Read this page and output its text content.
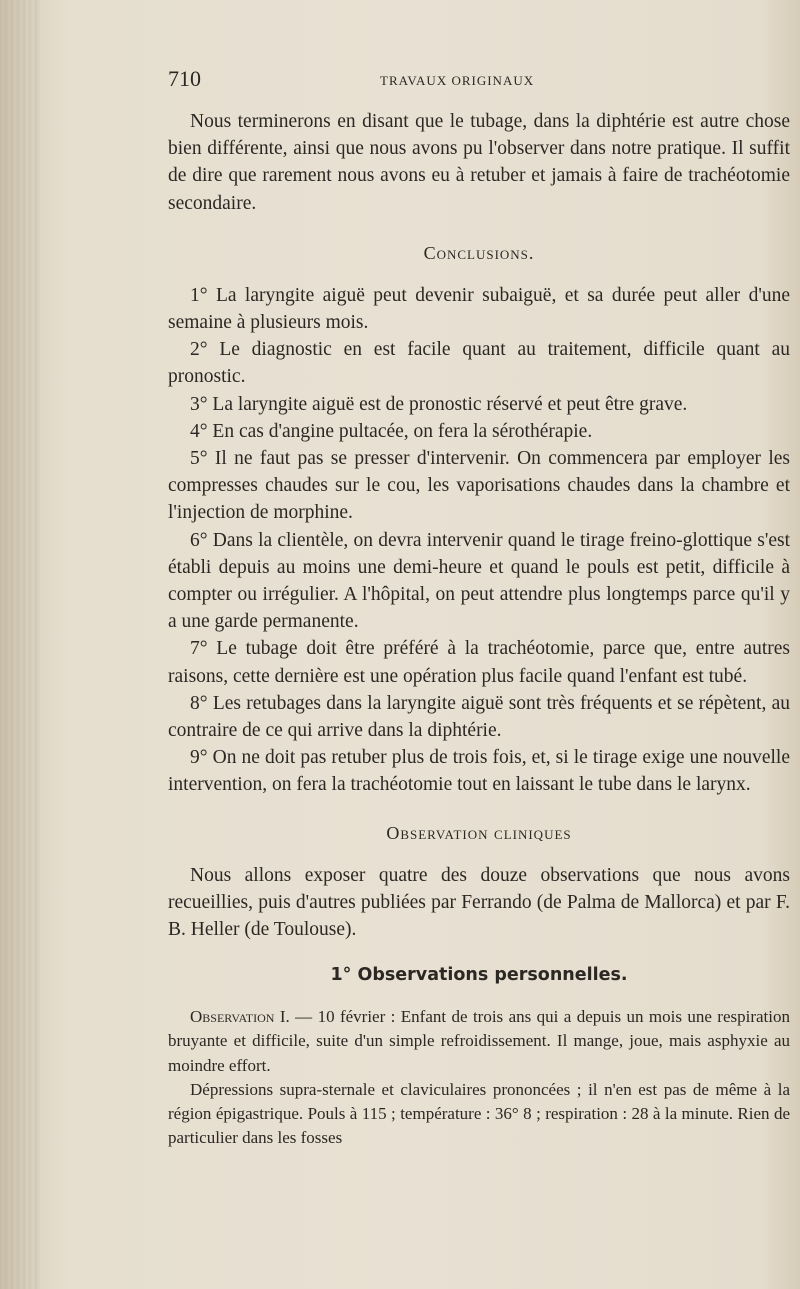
710	TRAVAUX ORIGINAUX

Nous terminerons en disant que le tubage, dans la diphtérie est autre chose bien différente, ainsi que nous avons pu l'observer dans notre pratique. Il suffit de dire que rarement nous avons eu à retuber et jamais à faire de trachéotomie secondaire.

Conclusions.

1° La laryngite aiguë peut devenir subaiguë, et sa durée peut aller d'une semaine à plusieurs mois.

2° Le diagnostic en est facile quant au traitement, difficile quant au pronostic.

3° La laryngite aiguë est de pronostic réservé et peut être grave.

4° En cas d'angine pultacée, on fera la sérothérapie.

5° Il ne faut pas se presser d'intervenir. On commencera par employer les compresses chaudes sur le cou, les vaporisations chaudes dans la chambre et l'injection de morphine.

6° Dans la clientèle, on devra intervenir quand le tirage freino-glottique s'est établi depuis au moins une demi-heure et quand le pouls est petit, difficile à compter ou irrégulier. A l'hôpital, on peut attendre plus longtemps parce qu'il y a une garde permanente.

7° Le tubage doit être préféré à la trachéotomie, parce que, entre autres raisons, cette dernière est une opération plus facile quand l'enfant est tubé.

8° Les retubages dans la laryngite aiguë sont très fréquents et se répètent, au contraire de ce qui arrive dans la diphtérie.

9° On ne doit pas retuber plus de trois fois, et, si le tirage exige une nouvelle intervention, on fera la trachéotomie tout en laissant le tube dans le larynx.

Observation cliniques

Nous allons exposer quatre des douze observations que nous avons recueillies, puis d'autres publiées par Ferrando (de Palma de Mallorca) et par F. B. Heller (de Toulouse).

1° Observations personnelles.

Observation I. — 10 février : Enfant de trois ans qui a depuis un mois une respiration bruyante et difficile, suite d'un simple refroidissement. Il mange, joue, mais asphyxie au moindre effort.

Dépressions supra-sternale et claviculaires prononcées ; il n'en est pas de même à la région épigastrique. Pouls à 115 ; température : 36° 8 ; respiration : 28 à la minute. Rien de particulier dans les fosses
